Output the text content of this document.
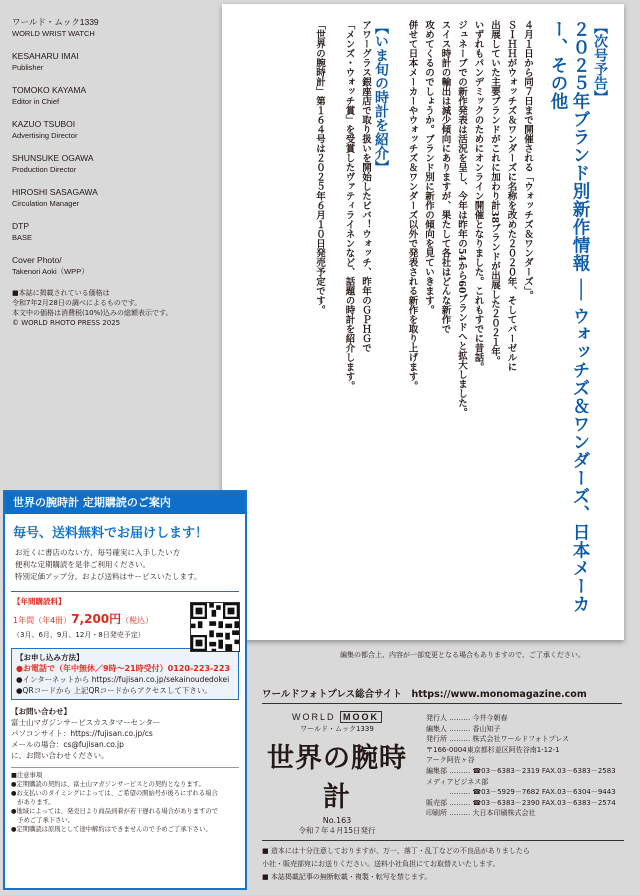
ワールド・ムック1339
WORLD WRIST WATCH
KESAHARU IMAI
Publisher
TOMOKO KAYAMA
Editor in Chief
KAZUO TSUBOI
Advertising Director
SHUNSUKE OGAWA
Production Director
HIROSHI SASAGAWA
Circulation Manager
DTP
BASE
Cover Photo/
Takenori Aoki（WPP）
■本誌に掲載されている価格は
令和7年2月28日の調べによるものです。
本文中の価格は消費税(10%)込みの総額表示です。
© WORLD RHOTO PRESS 2025
【次号予告】
２０２５年ブランド別新作情報 ── ウォッチズ＆ワンダーズ、日本メーカー、その他
４月１日から同７日まで開催される「ウォッチズ＆ワンダーズ」。
ＳＩＨＨがウォッチズ＆ワンダーズに名称を改めた２０２０年、そしてバーゼルに
出展していた主要ブランドがこれに加わり計38ブランドが出展した２０２１年。
いずれもパンデミックのためにオンライン開催となりました。これもすでに昔話。
ジュネーブでの新作発表は活況を呈し、今年は昨年の54から60ブランドへと拡大しました。
スイス時計の輸出は減少傾向にありますが、果たして各社はどんな新作で
攻めてくるのでしょうか。ブランド別に新作の傾向を見ていきます。
併せて日本メーカーやウォッチズ＆ワンダーズ以外で発表される新作を取り上げます。
【いま旬の時計を紹介】
アワーグラス銀座店で取り扱いを開始したビバ！ウォッチ、昨年のＧＰＨＧで
「メンズ・ウォッチ賞」を受賞したヴァティライネンなど、話題の時計を紹介します。
「世界の腕時計」第１６４号は２０２５年６月１０日発売予定です。
編集の都合上、内容が一部変更となる場合もありますので、ご了承ください。
世界の腕時計 定期購読のご案内
毎号、送料無料でお届けします！
お近くに書店のない方、毎号確実に入手したい方
便利な定期購読を是非ご利用ください。
特別定価アップ分、および送料はサービスいたします。
【年間購読料】
1年間（年4冊）7,200円（税込）
（3月、6月、9月、12月・8日発売予定）
【お申し込み方法】
●お電話で（年中無休／9時〜21時受付）0120-223-223
●インターネットから https://fujisan.co.jp/sekainoudedokei
●QRコードから 上記QRコードからアクセスして下さい。
【お問い合わせ】
富士山マガジンサービスカスタマーセンター
パソコンサイト：https://fujisan.co.jp/cs
メールの場合：cs@fujisan.co.jp
に、お問い合わせください。
■注意事項
●定期購読の契約は、富士山マガジンサービスとの契約となります。
●お支払いのタイミングによっては、ご希望の開始号が後ろにずれる場合
　があります。
●地域によっては、発売日より商品到着が若干遅れる場合がありますので
　予めご了承下さい。
●定期購読は原則として途中解約はできませんので予めご了承下さい。
ワールドフォトプレス総合サイト　 https://www.monomagazine.com
WORLD MOOK
ワールド・ムック1339
世界の腕時計
No.163
令和７年４月15日発行
発行人 ……… 今井今朝春
編集人 ……… 香山知子
発行所 ……… 株式会社ワールドフォトプレス
〒166-0004東京都杉並区阿佐谷南1-12-1
アーク阿佐ヶ谷
編集部 ……… ☎03－6383－2319 FAX.03－6383－2583
メディアビジネス部
　　　 ……… ☎03－5929－7682 FAX.03－6304－9443
販売部 ……… ☎03－6383－2390 FAX.03－6383－2574
印刷所 ……… 大日本印刷株式会社
■ 造本には十分注意しておりますが、万一、落丁・乱丁などの不良品がありましたら
小社・販売部宛にお送りください。送料小社負担にてお取替えいたします。
■ 本誌掲載記事の無断転載・複製・転写を禁じます。
